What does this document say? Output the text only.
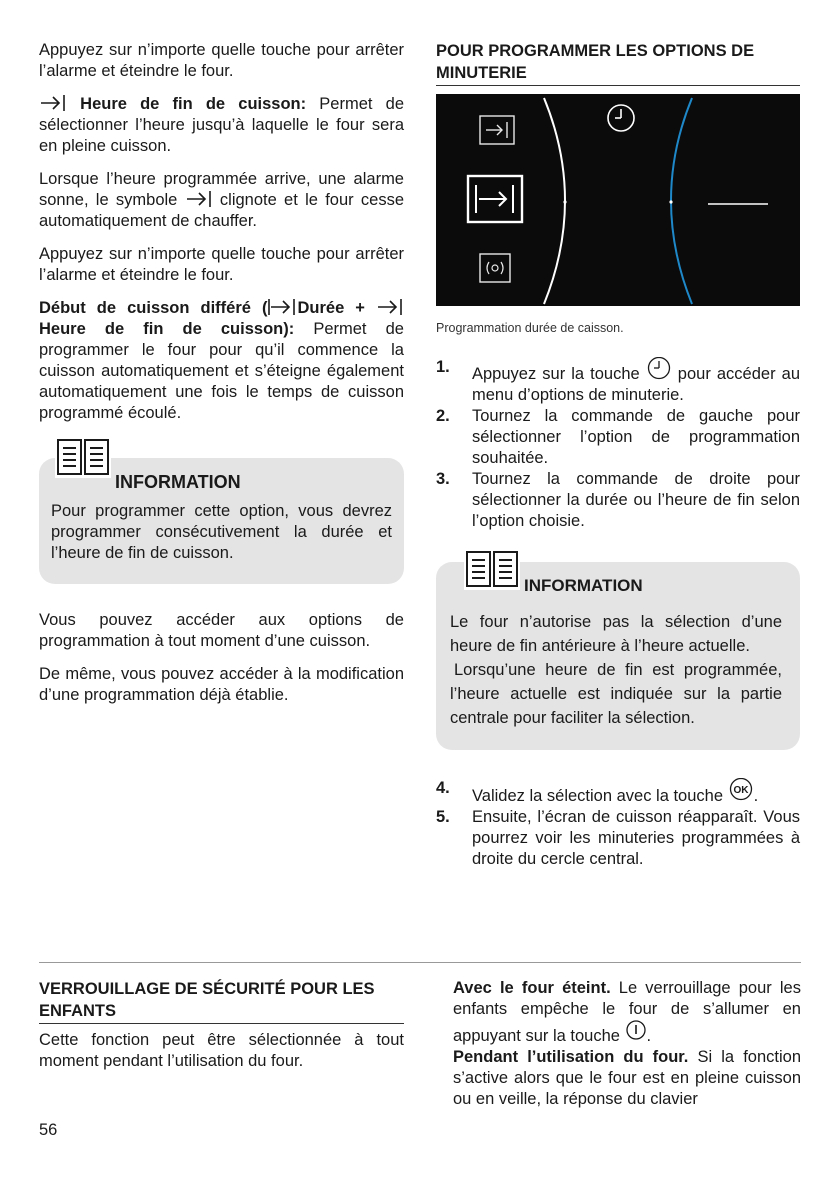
Appuyez sur n’importe quelle touche pour arrêter l’alarme et éteindre le four.

Heure de fin de cuisson: Permet de sélectionner l’heure jusqu’à laquelle le four sera en pleine cuisson.

Lorsque l’heure programmée arrive, une alarme sonne, le symbole  clignote et le four cesse automatiquement de chauffer.

Appuyez sur n’importe quelle touche pour arrêter l’alarme et éteindre le four.

Début de cuisson différé ( Durée +  Heure de fin de cuisson): Permet de programmer le four pour qu’il commence la cuisson automatiquement et s’éteigne également automatiquement une fois le temps de cuisson programmé écoulé.

INFORMATION
Pour programmer cette option, vous devrez programmer consécutivement la durée et l’heure de fin de cuisson.

Vous pouvez accéder aux options de programmation à tout moment d’une cuisson.

De même, vous pouvez accéder à la modification d’une programmation déjà établie.

POUR PROGRAMMER LES OPTIONS DE MINUTERIE
Programmation durée de caisson.
1. Appuyez sur la touche  pour accéder au menu d’options de minuterie.
2. Tournez la commande de gauche pour sélectionner l’option de programmation souhaitée.
3. Tournez la commande de droite pour sélectionner la durée ou l’heure de fin selon l’option choisie.
INFORMATION
Le four n’autorise pas la sélection d’une heure de fin antérieure à l’heure actuelle.
Lorsqu’une heure de fin est programmée, l’heure actuelle est indiquée sur la partie centrale pour faciliter la sélection.
4. Validez la sélection avec la touche OK .
5. Ensuite, l’écran de cuisson réapparaît. Vous pourrez voir les minuteries programmées à droite du cercle central.
VERROUILLAGE DE SÉCURITÉ POUR LES ENFANTS

Cette fonction peut être sélectionnée à tout moment pendant l’utilisation du four.

Avec le four éteint. Le verrouillage pour les enfants empêche le four de s’allumer en appuyant sur la touche .
Pendant l’utilisation du four. Si la fonction s’active alors que le four est en pleine cuisson ou en veille, la réponse du clavier
56
